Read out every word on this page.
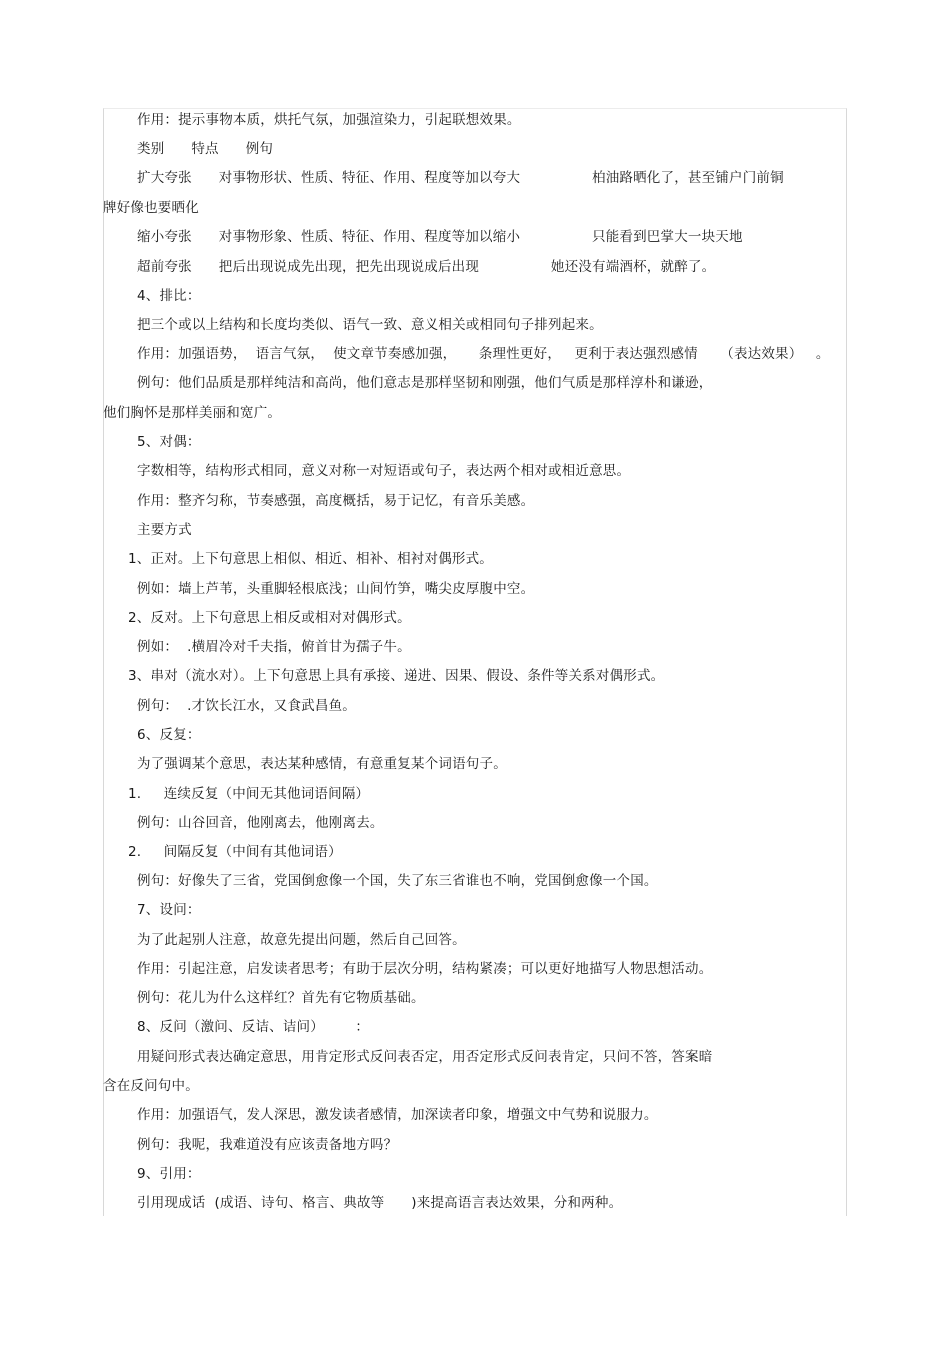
作用：提示事物本质，烘托气氛，加强渲染力，引起联想效果。
类别      特点      例句
扩大夸张      对事物形状、性质、特征、作用、程度等加以夸大                柏油路晒化了，甚至铺户门前铜
牌好像也要晒化
缩小夸张      对事物形象、性质、特征、作用、程度等加以缩小                只能看到巴掌大一块天地
超前夸张      把后出现说成先出现，把先出现说成后出现                她还没有端酒杯，就醉了。
4、排比：
把三个或以上结构和长度均类似、语气一致、意义相关或相同句子排列起来。
作用：加强语势，  语言气氛，  使文章节奏感加强，     条理性更好，   更利于表达强烈感情     （表达效果）   。
例句：他们品质是那样纯洁和高尚，他们意志是那样坚韧和刚强，他们气质是那样淳朴和谦逊，
他们胸怀是那样美丽和宽广。
5、对偶：
字数相等，结构形式相同，意义对称一对短语或句子，表达两个相对或相近意思。
作用：整齐匀称，节奏感强，高度概括，易于记忆，有音乐美感。
主要方式
1、正对。上下句意思上相似、相近、相补、相衬对偶形式。
例如：墙上芦苇，头重脚轻根底浅；山间竹笋，嘴尖皮厚腹中空。
2、反对。上下句意思上相反或相对对偶形式。
例如：  .横眉冷对千夫指，俯首甘为孺子牛。
3、串对（流水对）。上下句意思上具有承接、递进、因果、假设、条件等关系对偶形式。
例句：  .才饮长江水，又食武昌鱼。
6、反复：
为了强调某个意思，表达某种感情，有意重复某个词语句子。
1.     连续反复（中间无其他词语间隔）
例句：山谷回音，他刚离去，他刚离去。
2.     间隔反复（中间有其他词语）
例句：好像失了三省，党国倒愈像一个国，失了东三省谁也不响，党国倒愈像一个国。
7、设问：
为了此起别人注意，故意先提出问题，然后自己回答。
作用：引起注意，启发读者思考；有助于层次分明，结构紧凑；可以更好地描写人物思想活动。
例句：花儿为什么这样红？首先有它物质基础。
8、反问（激问、反诘、诘问）       ：
用疑问形式表达确定意思，用肯定形式反问表否定，用否定形式反问表肯定，只问不答，答案暗
含在反问句中。
作用：加强语气，发人深思，激发读者感情，加深读者印象，增强文中气势和说服力。
例句：我呢，我难道没有应该责备地方吗？
9、引用：
引用现成话  (成语、诗句、格言、典故等      )来提高语言表达效果，分和两种。
